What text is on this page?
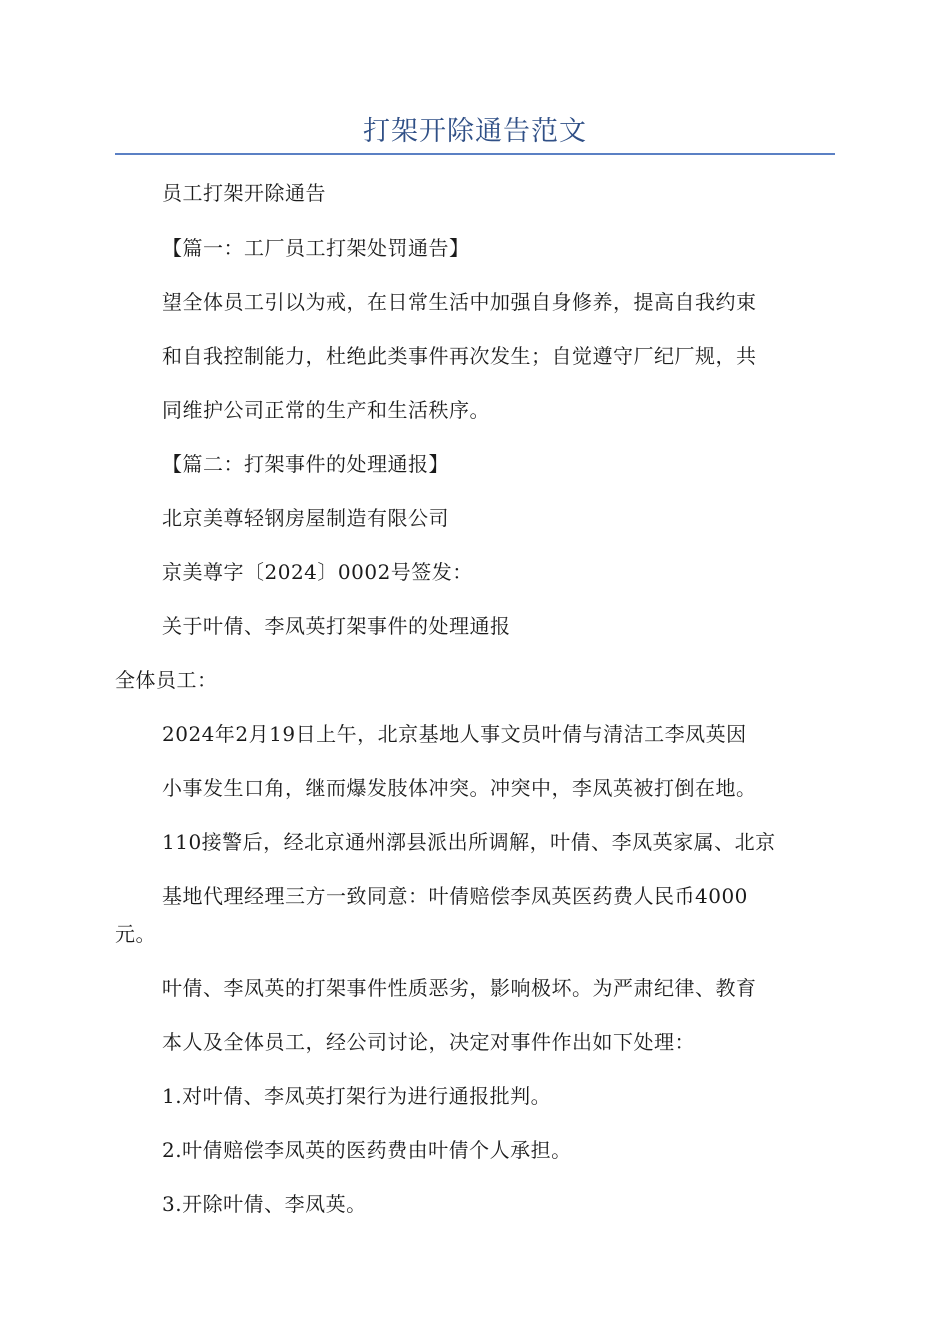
打架开除通告范文
员工打架开除通告
【篇一：工厂员工打架处罚通告】
望全体员工引以为戒，在日常生活中加强自身修养，提高自我约束
和自我控制能力，杜绝此类事件再次发生；自觉遵守厂纪厂规，共
同维护公司正常的生产和生活秩序。
【篇二：打架事件的处理通报】
北京美尊轻钢房屋制造有限公司
京美尊字〔2024〕0002号签发：
关于叶倩、李凤英打架事件的处理通报
全体员工：
2024年2月19日上午，北京基地人事文员叶倩与清洁工李凤英因
小事发生口角，继而爆发肢体冲突。冲突中，李凤英被打倒在地。
110接警后，经北京通州漷县派出所调解，叶倩、李凤英家属、北京
基地代理经理三方一致同意：叶倩赔偿李凤英医药费人民币4000
元。
叶倩、李凤英的打架事件性质恶劣，影响极坏。为严肃纪律、教育
本人及全体员工，经公司讨论，决定对事件作出如下处理：
1.对叶倩、李凤英打架行为进行通报批判。
2.叶倩赔偿李凤英的医药费由叶倩个人承担。
3.开除叶倩、李凤英。
